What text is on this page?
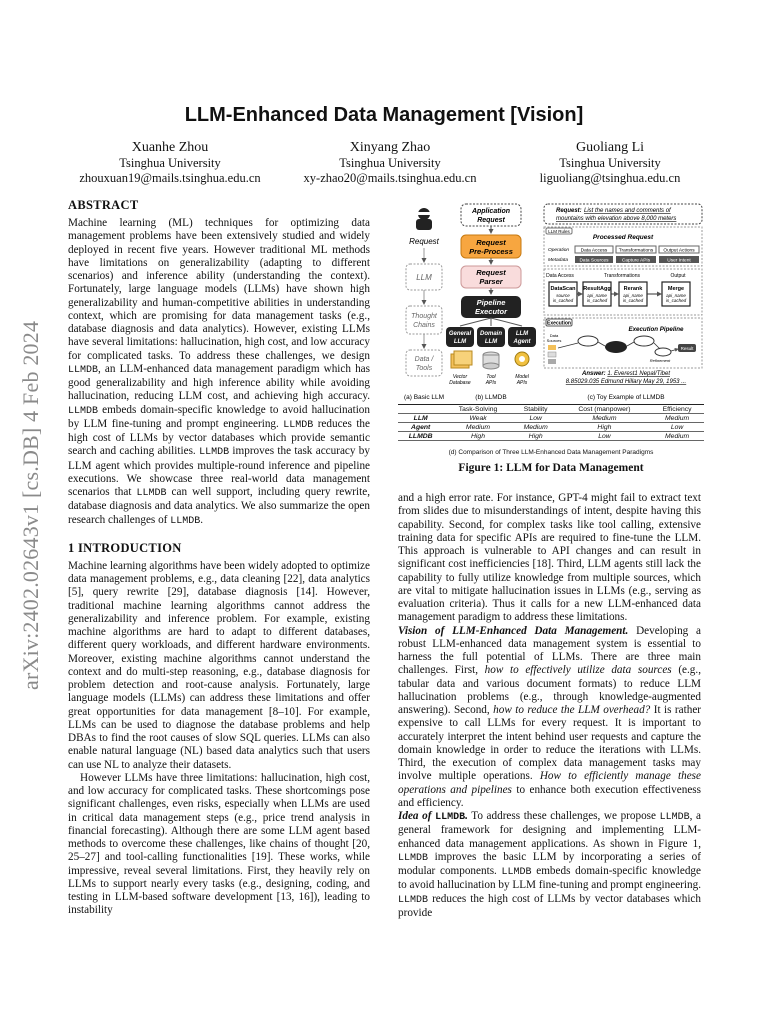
arXiv:2402.02643v1 [cs.DB] 4 Feb 2024
LLM-Enhanced Data Management [Vision]
Xuanhe Zhou
Tsinghua University
zhouxuan19@mails.tsinghua.edu.cn
Xinyang Zhao
Tsinghua University
xy-zhao20@mails.tsinghua.edu.cn
Guoliang Li
Tsinghua University
liguoliang@tsinghua.edu.cn
ABSTRACT

Machine learning (ML) techniques for optimizing data management problems have been extensively studied and widely deployed in recent five years. However traditional ML methods have limitations on generalizability (adapting to different scenarios) and inference ability (understanding the context). Fortunately, large language models (LLMs) have shown high generalizability and human-competitive abilities in understanding context, which are promising for data management tasks (e.g., database diagnosis and data analytics). However, existing LLMs have several limitations: hallucination, high cost, and low accuracy for complicated tasks. To address these challenges, we design LLMDB, an LLM-enhanced data management paradigm which has good generalizability and high inference ability while avoiding hallucination, reducing LLM cost, and achieving high accuracy. LLMDB embeds domain-specific knowledge to avoid hallucination by LLM fine-tuning and prompt engineering. LLMDB reduces the high cost of LLMs by vector databases which provide semantic search and caching abilities. LLMDB improves the task accuracy by LLM agent which provides multiple-round inference and pipeline executions. We showcase three real-world data management scenarios that LLMDB can well support, including query rewrite, database diagnosis and data analytics. We also summarize the open research challenges of LLMDB.

1 INTRODUCTION

Machine learning algorithms have been widely adopted to optimize data management problems, e.g., data cleaning [22], data analytics [5], query rewrite [29], database diagnosis [14]. However, traditional machine learning algorithms cannot address the generalizability and inference problem. For example, existing machine algorithms are hard to adapt to different databases, different query workloads, and different hardware environments. Moreover, existing machine algorithms cannot understand the context and do multi-step reasoning, e.g., database diagnosis for problem detection and root-cause analysis. Fortunately, large language models (LLMs) can address these limitations and offer great opportunities for data management [8–10]. For example, LLMs can be used to diagnose the database problems and help DBAs to find the root causes of slow SQL queries. LLMs can also enable natural language (NL) based data analytics such that users can use NL to analyze their datasets.

However LLMs have three limitations: hallucination, high cost, and low accuracy for complicated tasks. These shortcomings pose significant challenges, even risks, especially when LLMs are used in critical data management steps (e.g., price trend analysis in financial forecasting). Although there are some LLM agent based methods to overcome these challenges, like chains of thought [20, 25–27] and tool-calling functionalities [19]. These works, while impressive, reveal several limitations. First, they heavily rely on LLMs to support nearly every tasks (e.g., designing, coding, and testing in LLM-based software development [13, 16]), leading to instability

Request
LLM
Thought
Chains
Data /
Tools
(a) Basic LLM
Application
Request
Request
Pre-Process
Request
Parser
Pipeline
Executor
General
LLM
Domain
LLM
LLM
Agent
Vector
Database
Tool
APIs
Model
APIs
(b) LLMDB
Request: List the names and comments of
mountains with elevation above 8,000 meters
LLM Rules
Processed Request
Operation
Metadata
Data Access Transformations Output Actions
Data Sources	Capture APIs	User Intent
Data Access	Transformations	Output
DataScan
source
is_cached
ResultAgg
api_name
is_cached
Rerank
api_name
is_cached
Merge
api_name
is_cached
Execution
Execution Pipeline
Data
Sources
Result
Refinement
Answer: 1. Everest1 Nepal/Tibet
8.85029.035 Edmund Hillary May 29, 1953 ...
(c) Toy Example of LLMDB
	Task-Solving	Stability	Cost (manpower)	Efficiency
LLM	Weak	Low	Medium	Medium
Agent	Medium	Medium	High	Low
LLMDB	High	High	Low	Medium
(d) Comparison of Three LLM-Enhanced Data Management Paradigms
Figure 1: LLM for Data Management

and a high error rate. For instance, GPT-4 might fail to extract text from slides due to misunderstandings of intent, despite having this capability. Second, for complex tasks like tool calling, extensive training data for specific APIs are required to fine-tune the LLM. This approach is vulnerable to API changes and can result in significant cost inefficiencies [18]. Third, LLM agents still lack the capability to fully utilize knowledge from multiple sources, which are vital to mitigate hallucination issues in LLMs (e.g., serving as evaluation criteria). Thus it calls for a new LLM-enhanced data management paradigm to address these limitations.

Vision of LLM-Enhanced Data Management. Developing a robust LLM-enhanced data management system is essential to harness the full potential of LLMs. There are three main challenges. First, how to effectively utilize data sources (e.g., tabular data and various document formats) to reduce LLM hallucination problems (e.g., through knowledge-augmented answering). Second, how to reduce the LLM overhead? It is rather expensive to call LLMs for every request. It is important to accurately interpret the intent behind user requests and capture the domain knowledge in order to reduce the iterations with LLMs. Third, the execution of complex data management tasks may involve multiple operations. How to efficiently manage these operations and pipelines to enhance both execution effectiveness and efficiency.

Idea of LLMDB. To address these challenges, we propose LLMDB, a general framework for designing and implementing LLM-enhanced data management applications. As shown in Figure 1, LLMDB improves the basic LLM by incorporating a series of modular components. LLMDB embeds domain-specific knowledge to avoid hallucination by LLM fine-tuning and prompt engineering. LLMDB reduces the high cost of LLMs by vector databases which provide
